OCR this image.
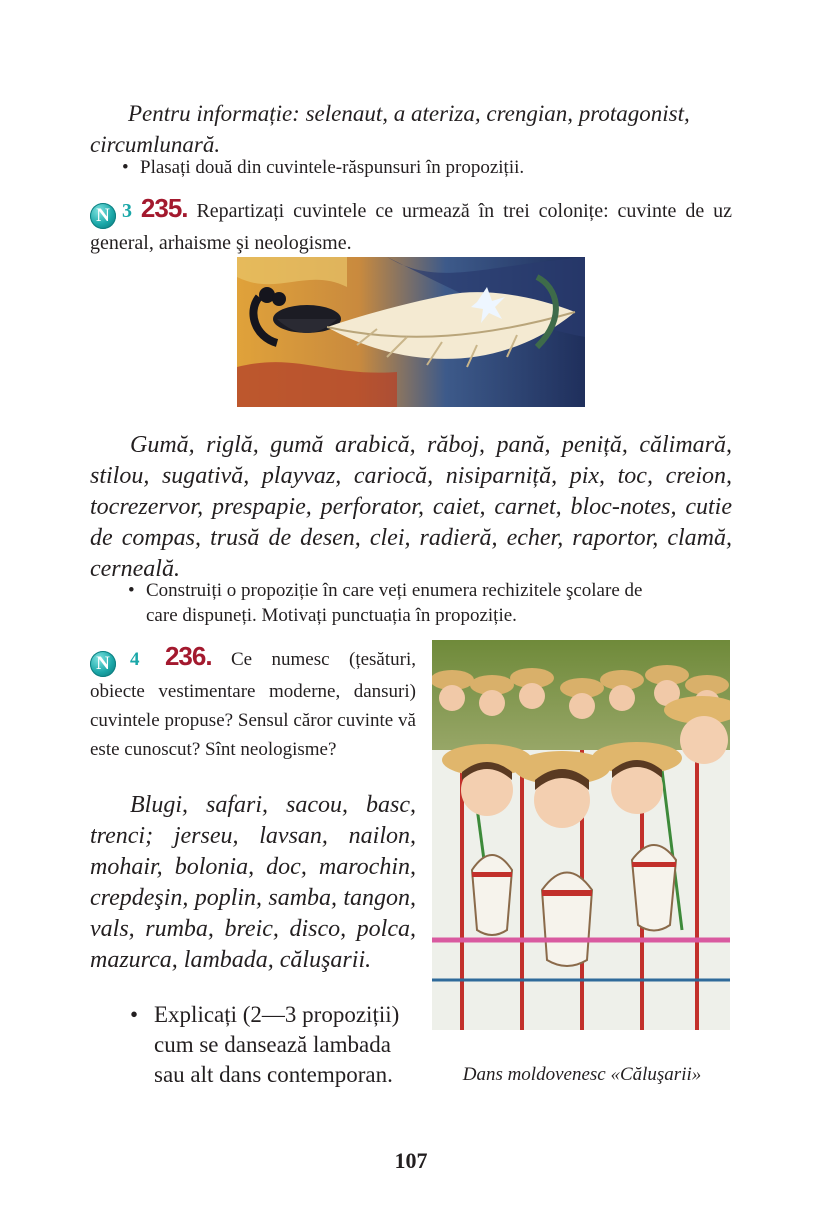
Pentru informație: selenaut, a ateriza, crengian, protagonist,
circumlunară.
• Plasați două din cuvintele-răspunsuri în propoziții.
N 3 235. Repartizați cuvintele ce urmează în trei colonițe: cuvinte de uz general, arhaisme şi neologisme.
Gumă, riglă, gumă arabică, răboj, pană, peniță, călimară, stilou, sugativă, playvaz, cariocă, nisiparniță, pix, toc, creion, tocrezervor, prespapie, perforator, caiet, carnet, bloc-notes, cutie de compas, trusă de desen, clei, radieră, echer, raportor, clamă, cerneală.
• Construiți o propoziție în care veți enumera rechizitele şcolare de
care dispuneți. Motivați punctuația în propoziție.
N 4 236. Ce numesc (țesături, obiecte vestimentare moderne, dansuri) cuvintele propuse? Sensul căror cuvinte vă este cunoscut? Sînt neologisme?
Blugi, safari, sacou, basc, trenci; jerseu, lavsan, nailon, mohair, bolonia, doc, marochin, crepdeşin, poplin, samba, tangon, vals, rumba, breic, disco, polca, mazurca, lambada, căluşarii.
• Explicați (2—3 propoziții) cum se dansează lambada sau alt dans contemporan.	Dans moldovenesc «Căluşarii»
107
